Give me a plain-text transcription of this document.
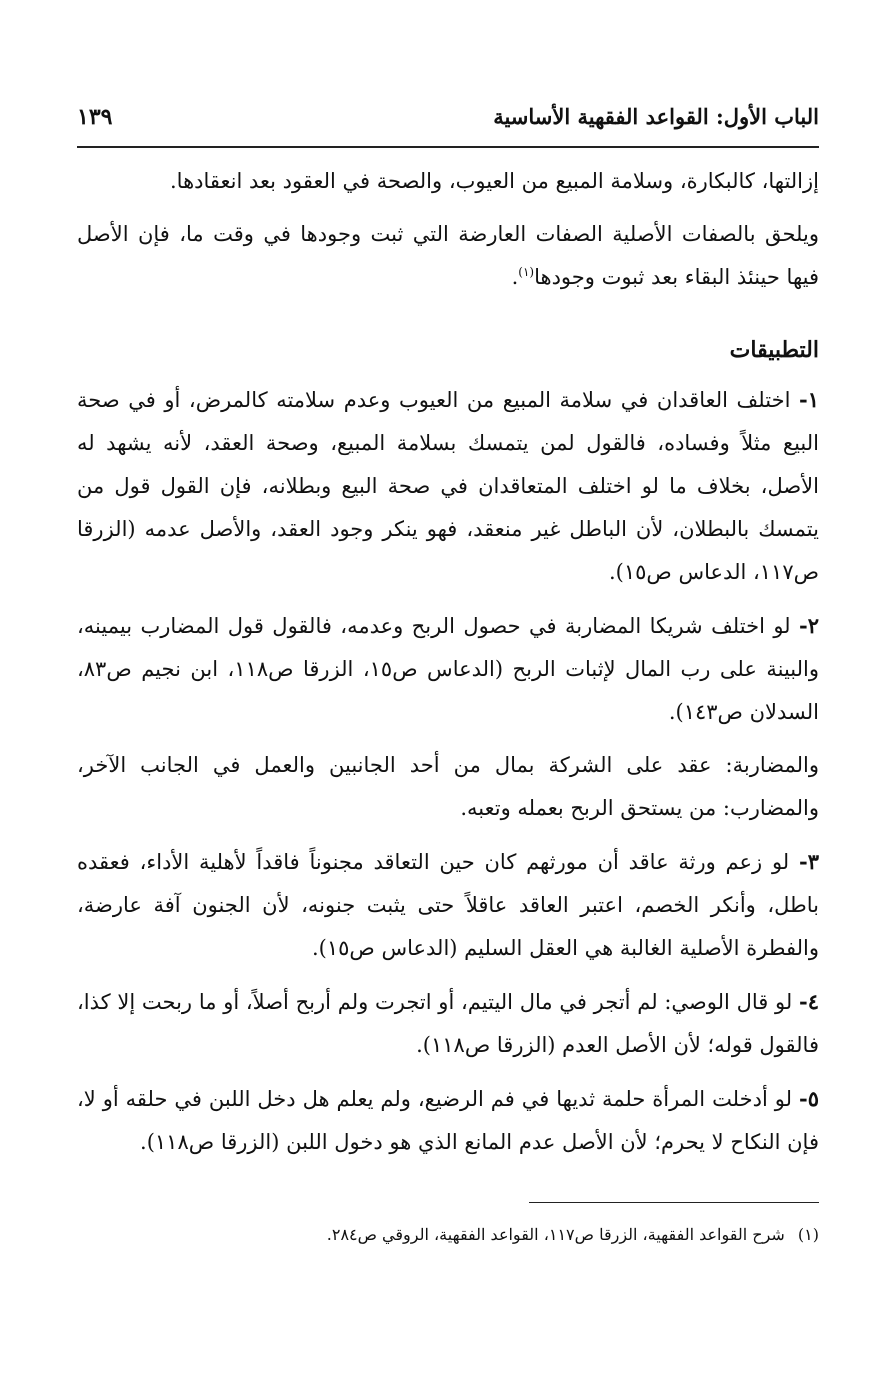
الباب الأول: القواعد الفقهية الأساسية
١٣٩

إزالتها، كالبكارة، وسلامة المبيع من العيوب، والصحة في العقود بعد انعقادها.

ويلحق بالصفات الأصلية الصفات العارضة التي ثبت وجودها في وقت ما، فإن الأصل فيها حينئذ البقاء بعد ثبوت وجودها$^{(١)}$.

التطبيقات

١- اختلف العاقدان في سلامة المبيع من العيوب وعدم سلامته كالمرض، أو في صحة البيع مثلاً وفساده، فالقول لمن يتمسك بسلامة المبيع، وصحة العقد، لأنه يشهد له الأصل، بخلاف ما لو اختلف المتعاقدان في صحة البيع وبطلانه، فإن القول قول من يتمسك بالبطلان، لأن الباطل غير منعقد، فهو ينكر وجود العقد، والأصل عدمه (الزرقا ص١١٧، الدعاس ص١٥).

٢- لو اختلف شريكا المضاربة في حصول الربح وعدمه، فالقول قول المضارب بيمينه، والبينة على رب المال لإثبات الربح (الدعاس ص١٥، الزرقا ص١١٨، ابن نجيم ص٨٣، السدلان ص١٤٣).

والمضاربة: عقد على الشركة بمال من أحد الجانبين والعمل في الجانب الآخر، والمضارب: من يستحق الربح بعمله وتعبه.

٣- لو زعم ورثة عاقد أن مورثهم كان حين التعاقد مجنوناً فاقداً لأهلية الأداء، فعقده باطل، وأنكر الخصم، اعتبر العاقد عاقلاً حتى يثبت جنونه، لأن الجنون آفة عارضة، والفطرة الأصلية الغالبة هي العقل السليم (الدعاس ص١٥).

٤- لو قال الوصي: لم أتجر في مال اليتيم، أو اتجرت ولم أربح أصلاً، أو ما ربحت إلا كذا، فالقول قوله؛ لأن الأصل العدم (الزرقا ص١١٨).

٥- لو أدخلت المرأة حلمة ثديها في فم الرضيع، ولم يعلم هل دخل اللبن في حلقه أو لا، فإن النكاح لا يحرم؛ لأن الأصل عدم المانع الذي هو دخول اللبن (الزرقا ص١١٨).

(١) شرح القواعد الفقهية، الزرقا ص١١٧، القواعد الفقهية، الروقي ص٢٨٤.
